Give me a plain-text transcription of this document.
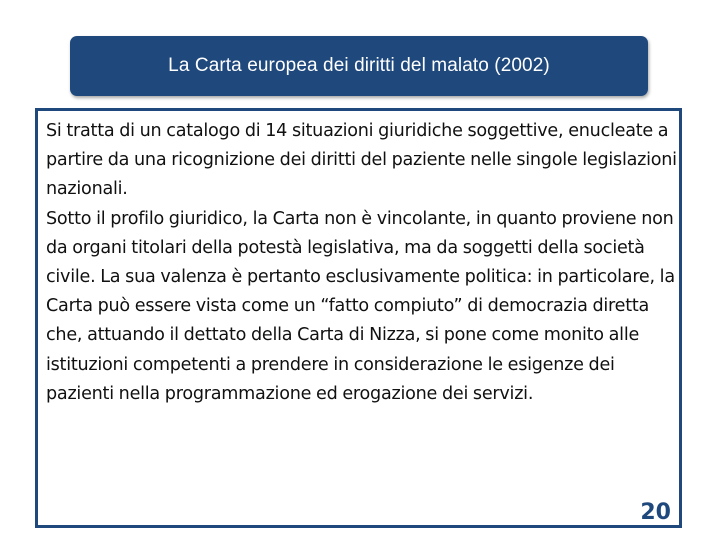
La Carta europea dei diritti del malato (2002)

Si tratta di un catalogo di 14 situazioni giuridiche soggettive, enucleate a partire da una ricognizione dei diritti del paziente nelle singole legislazioni nazionali.

Sotto il profilo giuridico, la Carta non è vincolante, in quanto proviene non da organi titolari della potestà legislativa, ma da soggetti della società civile. La sua valenza è pertanto esclusivamente politica: in particolare, la Carta può essere vista come un “fatto compiuto” di democrazia diretta che, attuando il dettato della Carta di Nizza, si pone come monito alle istituzioni competenti a prendere in considerazione le esigenze dei pazienti nella programmazione ed erogazione dei servizi.

20
